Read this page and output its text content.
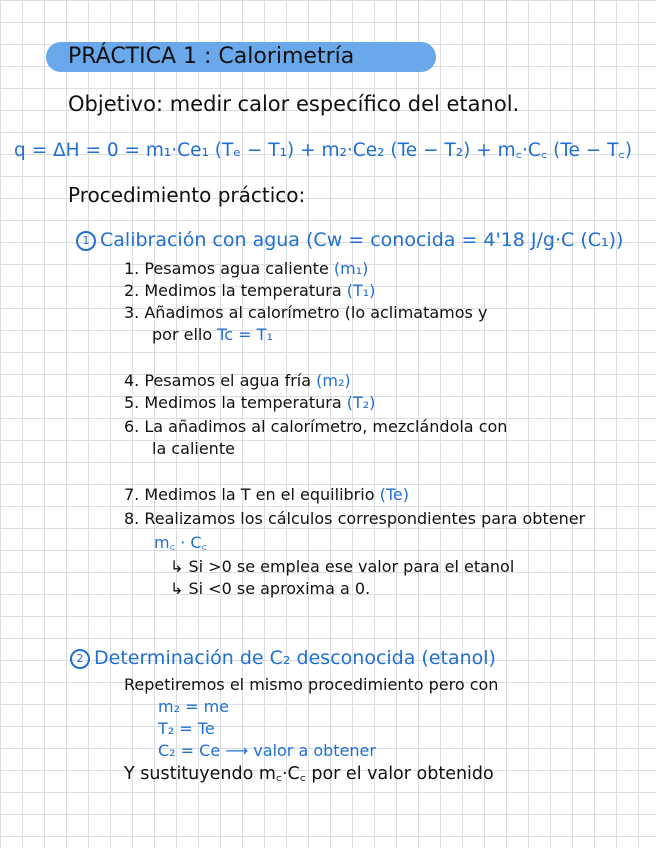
PRÁCTICA 1 : Calorimetría
Objetivo: medir calor específico del etanol.
q = ΔH = 0 = m₁·Ce₁ (Tₑ − T₁) + m₂·Ce₂ (Te − T₂) + m꜀·C꜀ (Te − T꜀)
Procedimiento práctico:
1 Calibración con agua (Cw = conocida = 4'18 J/g·C (C₁))
1. Pesamos agua caliente (m₁)
2. Medimos la temperatura (T₁)
3. Añadimos al calorímetro (lo aclimatamos y
por ello Tc = T₁
4. Pesamos el agua fría (m₂)
5. Medimos la temperatura (T₂)
6. La añadimos al calorímetro, mezclándola con
la caliente
7. Medimos la T en el equilibrio (Te)
8. Realizamos los cálculos correspondientes para obtener
m꜀ · C꜀
↳ Si >0 se emplea ese valor para el etanol
↳ Si <0 se aproxima a 0.
2 Determinación de C₂ desconocida (etanol)
Repetiremos el mismo procedimiento pero con
m₂ = me
T₂ = Te
C₂ = Ce ⟶ valor a obtener
Y sustituyendo m꜀·C꜀ por el valor obtenido
